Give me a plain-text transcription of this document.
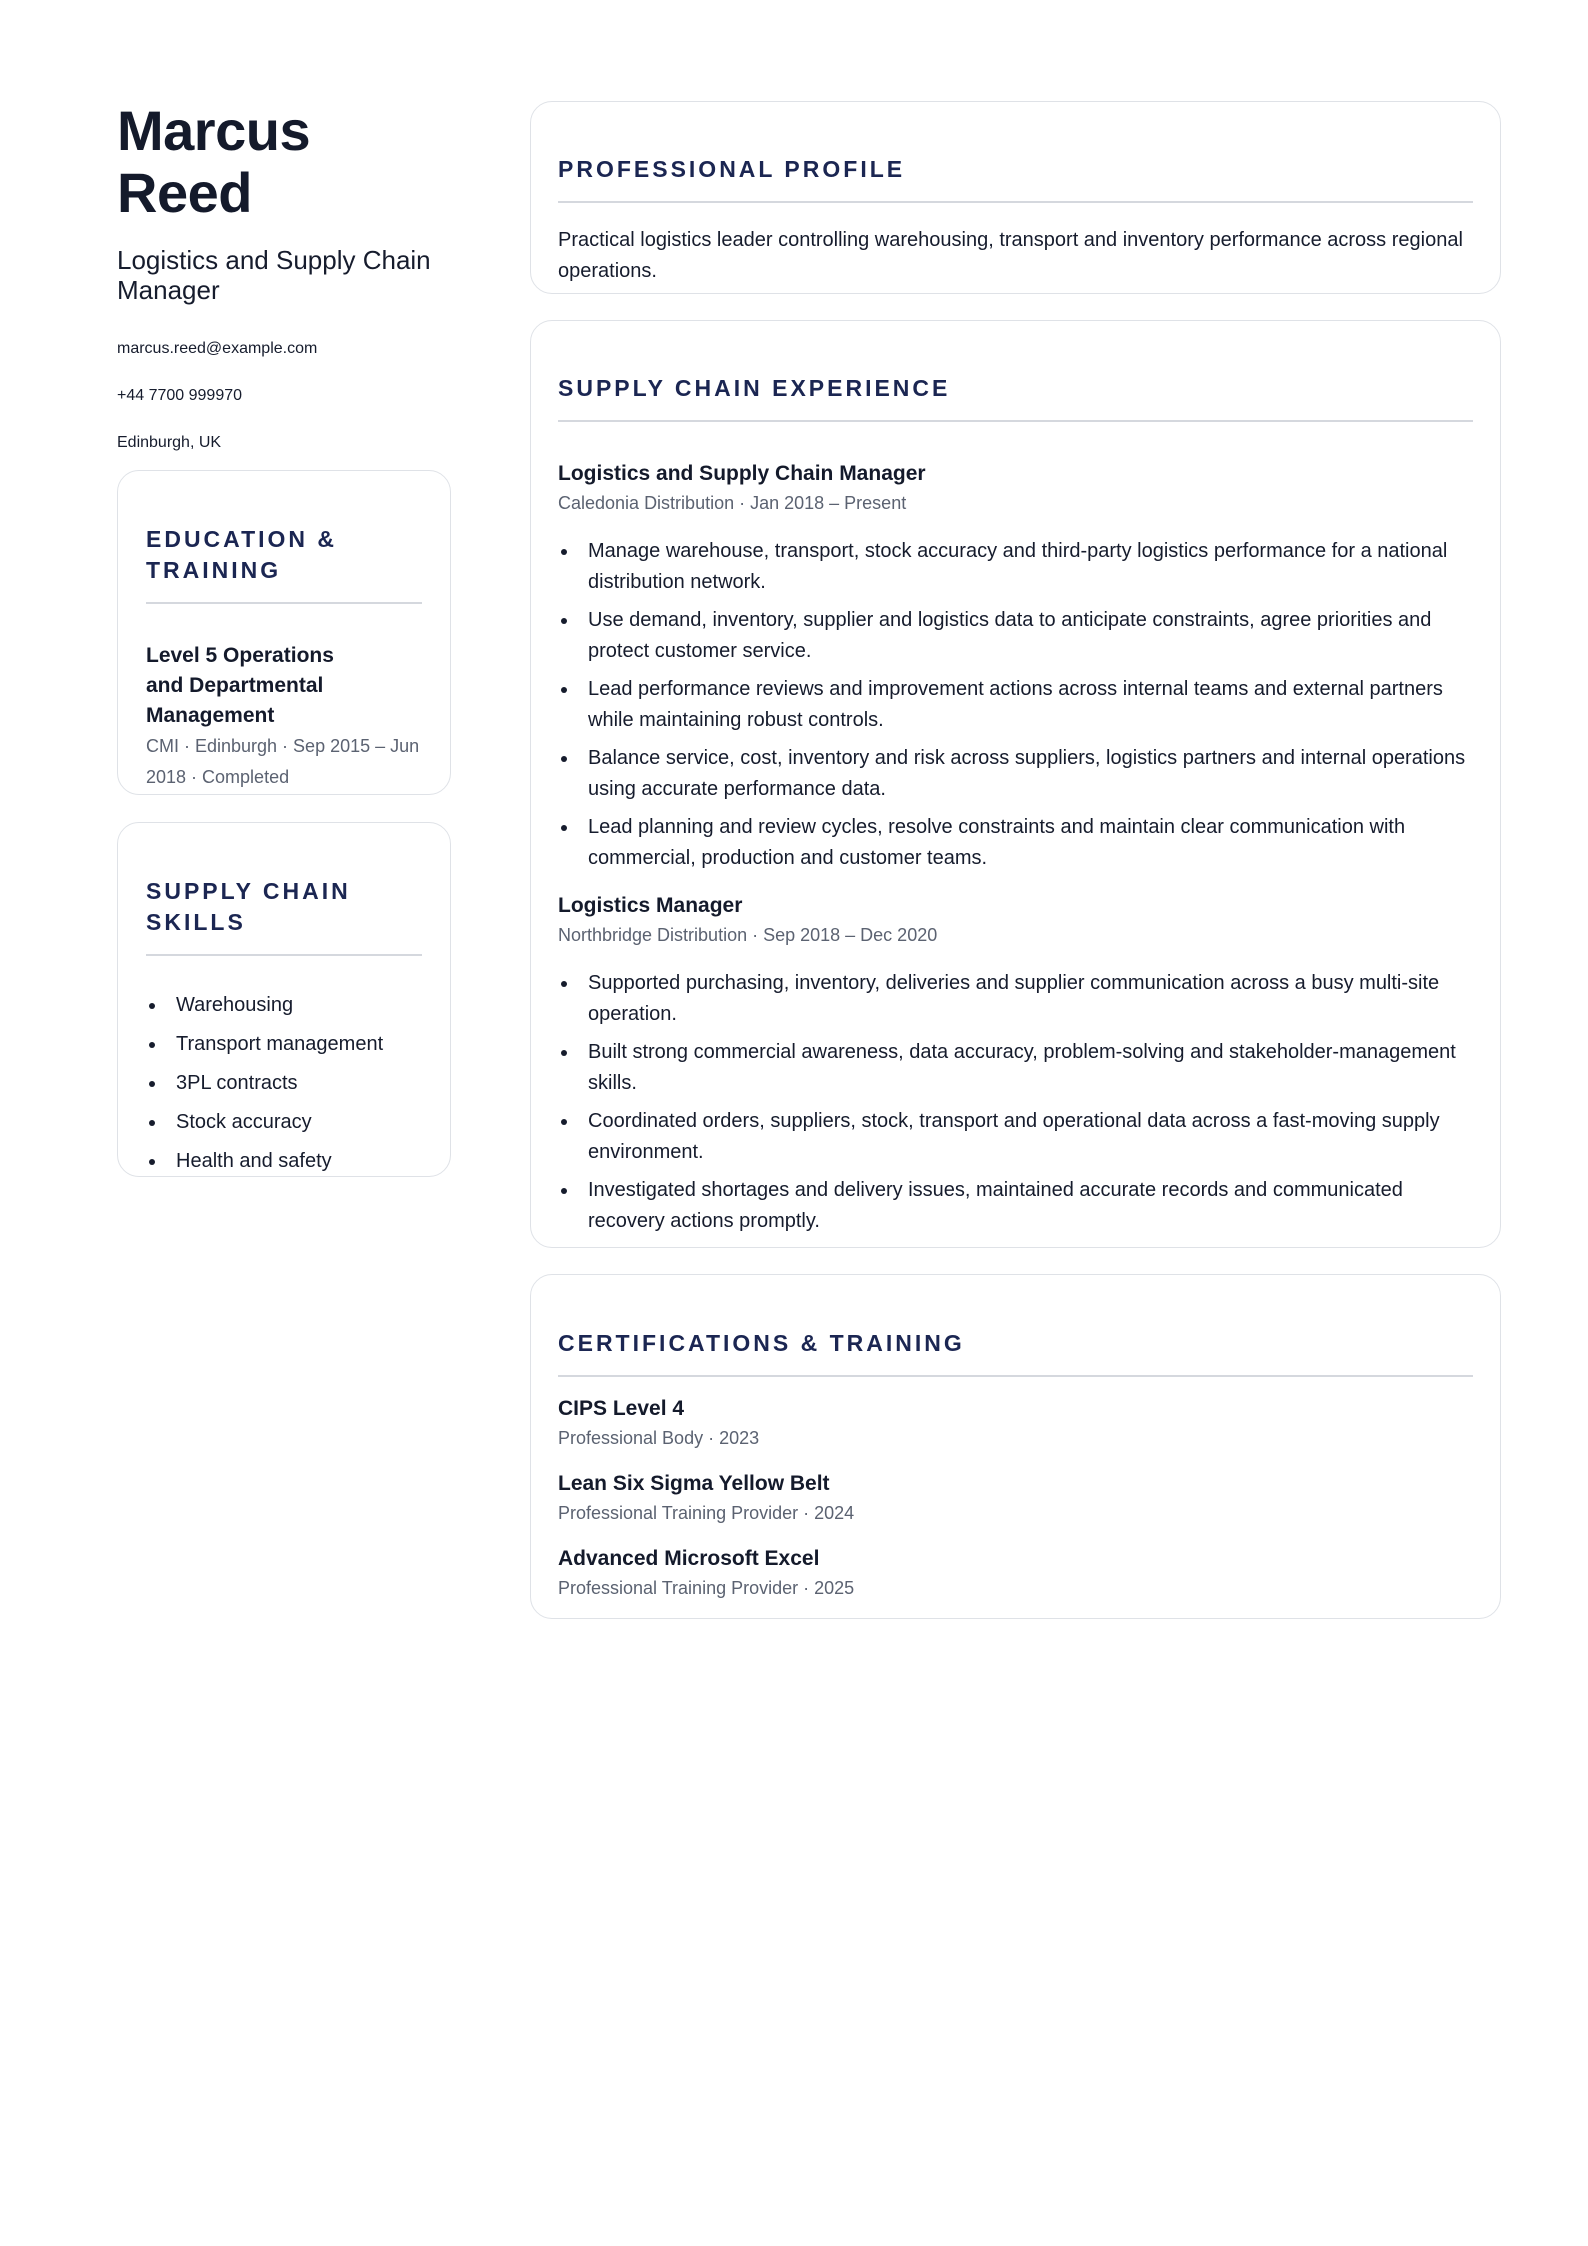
Marcus Reed
Logistics and Supply Chain Manager

marcus.reed@example.com

+44 7700 999970

Edinburgh, UK

EDUCATION & TRAINING
Level 5 Operations and Departmental Management
CMI · Edinburgh · Sep 2015 – Jun 2018 · Completed
SUPPLY CHAIN SKILLS
Warehousing
Transport management
3PL contracts
Stock accuracy
Health and safety
PROFESSIONAL PROFILE
Practical logistics leader controlling warehousing, transport and inventory performance across regional operations.
SUPPLY CHAIN EXPERIENCE
Logistics and Supply Chain Manager
Caledonia Distribution · Jan 2018 – Present
Manage warehouse, transport, stock accuracy and third-party logistics performance for a national distribution network.
Use demand, inventory, supplier and logistics data to anticipate constraints, agree priorities and protect customer service.
Lead performance reviews and improvement actions across internal teams and external partners while maintaining robust controls.
Balance service, cost, inventory and risk across suppliers, logistics partners and internal operations using accurate performance data.
Lead planning and review cycles, resolve constraints and maintain clear communication with commercial, production and customer teams.
Logistics Manager
Northbridge Distribution · Sep 2018 – Dec 2020
Supported purchasing, inventory, deliveries and supplier communication across a busy multi-site operation.
Built strong commercial awareness, data accuracy, problem-solving and stakeholder-management skills.
Coordinated orders, suppliers, stock, transport and operational data across a fast-moving supply environment.
Investigated shortages and delivery issues, maintained accurate records and communicated recovery actions promptly.
CERTIFICATIONS & TRAINING
CIPS Level 4
Professional Body · 2023
Lean Six Sigma Yellow Belt
Professional Training Provider · 2024
Advanced Microsoft Excel
Professional Training Provider · 2025
